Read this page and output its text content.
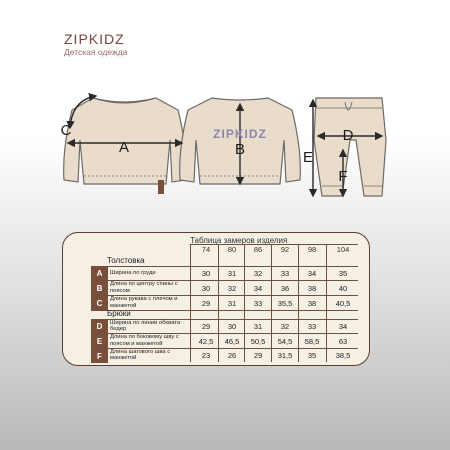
ZIPKIDZ
Детская одежда
ZIPKIDZ
A	B
C	D
E
F
Таблица замеров изделия
74	80	86	92	98	104
Толстовка
A	Ширина по груди	30	31	32	33	34	35
B	Длина по центру спины с поясом	30	32	34	36	38	40
C	Длина рукава с плечом и манжетой	29	31	33	35,5	38	40,5
Брюки
D	Ширина по линии обхвата бедер	29	30	31	32	33	34
E	Длина по боковому шву с поясом и манжетой	42,5	46,5	50,5	54,5	58,5	63
F	Длина шагового шва с манжетой	23	26	29	31,5	35	38,5
